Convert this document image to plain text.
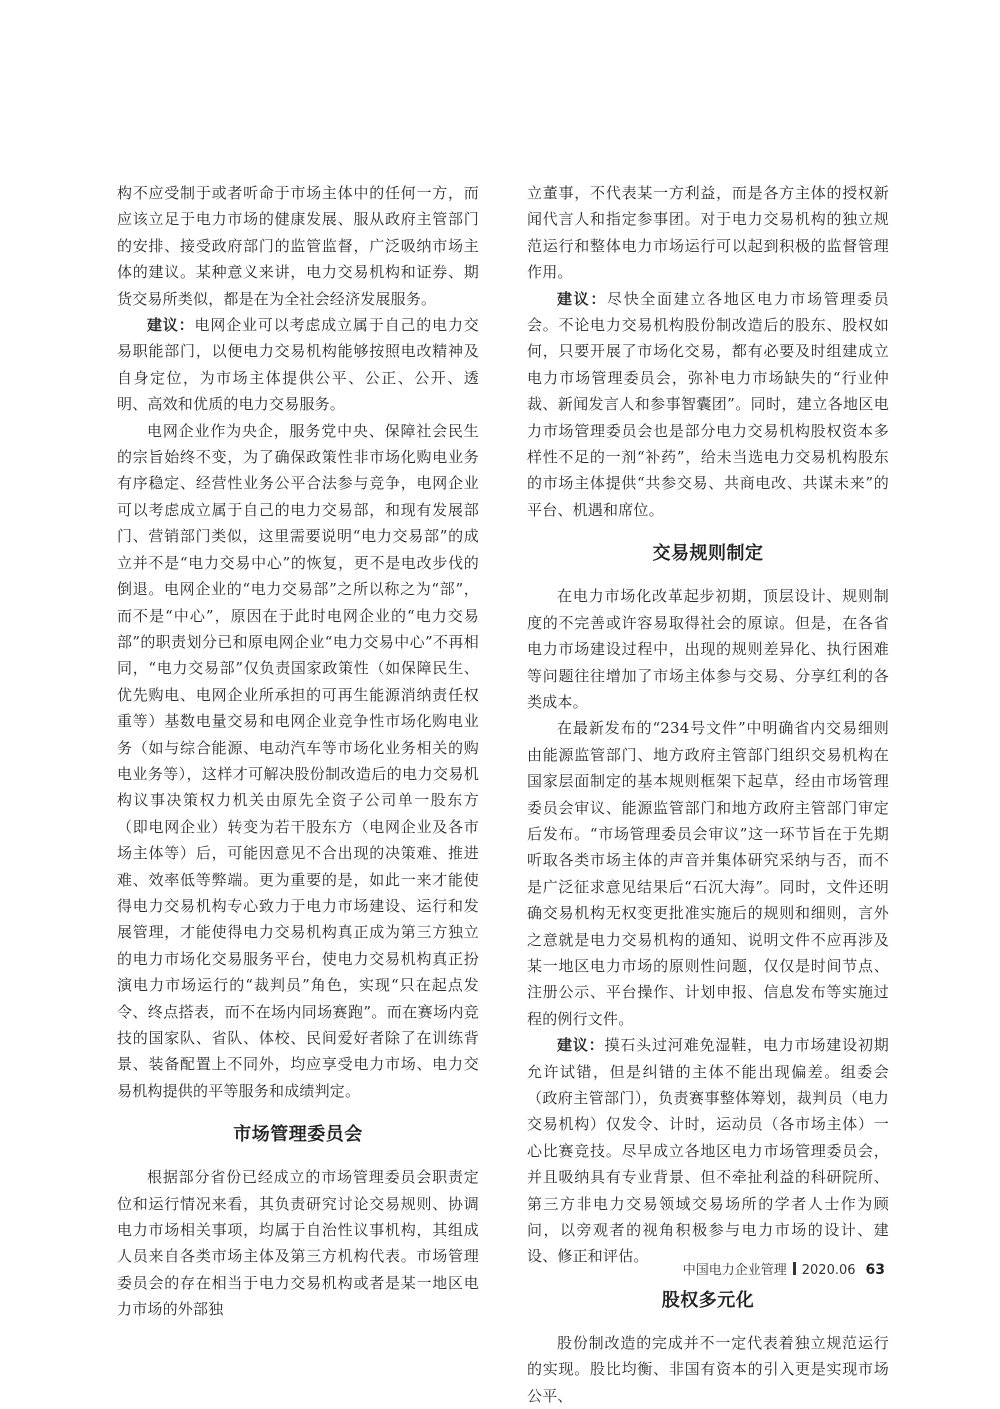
构不应受制于或者听命于市场主体中的任何一方，而应该立足于电力市场的健康发展、服从政府主管部门的安排、接受政府部门的监管监督，广泛吸纳市场主体的建议。某种意义来讲，电力交易机构和证券、期货交易所类似，都是在为全社会经济发展服务。

建议：电网企业可以考虑成立属于自己的电力交易职能部门，以便电力交易机构能够按照电改精神及自身定位，为市场主体提供公平、公正、公开、透明、高效和优质的电力交易服务。

电网企业作为央企，服务党中央、保障社会民生的宗旨始终不变，为了确保政策性非市场化购电业务有序稳定、经营性业务公平合法参与竞争，电网企业可以考虑成立属于自己的电力交易部，和现有发展部门、营销部门类似，这里需要说明“电力交易部”的成立并不是“电力交易中心”的恢复，更不是电改步伐的倒退。电网企业的“电力交易部”之所以称之为“部”，而不是“中心”，原因在于此时电网企业的“电力交易部”的职责划分已和原电网企业“电力交易中心”不再相同，“电力交易部”仅负责国家政策性（如保障民生、优先购电、电网企业所承担的可再生能源消纳责任权重等）基数电量交易和电网企业竞争性市场化购电业务（如与综合能源、电动汽车等市场化业务相关的购电业务等），这样才可解决股份制改造后的电力交易机构议事决策权力机关由原先全资子公司单一股东方（即电网企业）转变为若干股东方（电网企业及各市场主体等）后，可能因意见不合出现的决策难、推进难、效率低等弊端。更为重要的是，如此一来才能使得电力交易机构专心致力于电力市场建设、运行和发展管理，才能使得电力交易机构真正成为第三方独立的电力市场化交易服务平台，使电力交易机构真正扮演电力市场运行的“裁判员”角色，实现“只在起点发令、终点搭表，而不在场内同场赛跑”。而在赛场内竞技的国家队、省队、体校、民间爱好者除了在训练背景、装备配置上不同外，均应享受电力市场、电力交易机构提供的平等服务和成绩判定。

市场管理委员会

根据部分省份已经成立的市场管理委员会职责定位和运行情况来看，其负责研究讨论交易规则、协调电力市场相关事项，均属于自治性议事机构，其组成人员来自各类市场主体及第三方机构代表。市场管理委员会的存在相当于电力交易机构或者是某一地区电力市场的外部独

立董事，不代表某一方利益，而是各方主体的授权新闻代言人和指定参事团。对于电力交易机构的独立规范运行和整体电力市场运行可以起到积极的监督管理作用。

建议：尽快全面建立各地区电力市场管理委员会。不论电力交易机构股份制改造后的股东、股权如何，只要开展了市场化交易，都有必要及时组建成立电力市场管理委员会，弥补电力市场缺失的“行业仲裁、新闻发言人和参事智囊团”。同时，建立各地区电力市场管理委员会也是部分电力交易机构股权资本多样性不足的一剂“补药”，给未当选电力交易机构股东的市场主体提供“共参交易、共商电改、共谋未来”的平台、机遇和席位。

交易规则制定

在电力市场化改革起步初期，顶层设计、规则制度的不完善或许容易取得社会的原谅。但是，在各省电力市场建设过程中，出现的规则差异化、执行困难等问题往往增加了市场主体参与交易、分享红利的各类成本。

在最新发布的“234号文件”中明确省内交易细则由能源监管部门、地方政府主管部门组织交易机构在国家层面制定的基本规则框架下起草，经由市场管理委员会审议、能源监管部门和地方政府主管部门审定后发布。“市场管理委员会审议”这一环节旨在于先期听取各类市场主体的声音并集体研究采纳与否，而不是广泛征求意见结果后“石沉大海”。同时，文件还明确交易机构无权变更批准实施后的规则和细则，言外之意就是电力交易机构的通知、说明文件不应再涉及某一地区电力市场的原则性问题，仅仅是时间节点、注册公示、平台操作、计划申报、信息发布等实施过程的例行文件。

建议：摸石头过河难免湿鞋，电力市场建设初期允许试错，但是纠错的主体不能出现偏差。组委会（政府主管部门），负责赛事整体筹划，裁判员（电力交易机构）仅发令、计时，运动员（各市场主体）一心比赛竞技。尽早成立各地区电力市场管理委员会，并且吸纳具有专业背景、但不牵扯利益的科研院所、第三方非电力交易领域交易场所的学者人士作为顾问，以旁观者的视角积极参与电力市场的设计、建设、修正和评估。

股权多元化

股份制改造的完成并不一定代表着独立规范运行的实现。股比均衡、非国有资本的引入更是实现市场公平、

中国电力企业管理 2020.06 63
